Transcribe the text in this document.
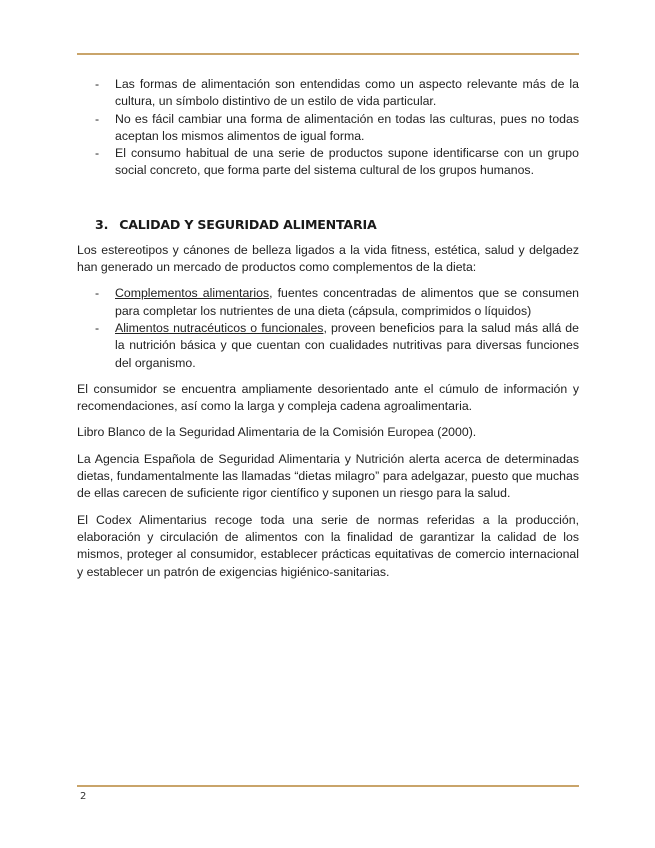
- Las formas de alimentación son entendidas como un aspecto relevante más de la cultura, un símbolo distintivo de un estilo de vida particular.
- No es fácil cambiar una forma de alimentación en todas las culturas, pues no todas aceptan los mismos alimentos de igual forma.
- El consumo habitual de una serie de productos supone identificarse con un grupo social concreto, que forma parte del sistema cultural de los grupos humanos.
3. CALIDAD Y SEGURIDAD ALIMENTARIA

Los estereotipos y cánones de belleza ligados a la vida fitness, estética, salud y delgadez han generado un mercado de productos como complementos de la dieta:

- Complementos alimentarios, fuentes concentradas de alimentos que se consumen para completar los nutrientes de una dieta (cápsula, comprimidos o líquidos)
- Alimentos nutracéuticos o funcionales, proveen beneficios para la salud más allá de la nutrición básica y que cuentan con cualidades nutritivas para diversas funciones del organismo.

El consumidor se encuentra ampliamente desorientado ante el cúmulo de información y recomendaciones, así como la larga y compleja cadena agroalimentaria.

Libro Blanco de la Seguridad Alimentaria de la Comisión Europea (2000).

La Agencia Española de Seguridad Alimentaria y Nutrición alerta acerca de determinadas dietas, fundamentalmente las llamadas “dietas milagro” para adelgazar, puesto que muchas de ellas carecen de suficiente rigor científico y suponen un riesgo para la salud.

El Codex Alimentarius recoge toda una serie de normas referidas a la producción, elaboración y circulación de alimentos con la finalidad de garantizar la calidad de los mismos, proteger al consumidor, establecer prácticas equitativas de comercio internacional y establecer un patrón de exigencias higiénico-sanitarias.

2
